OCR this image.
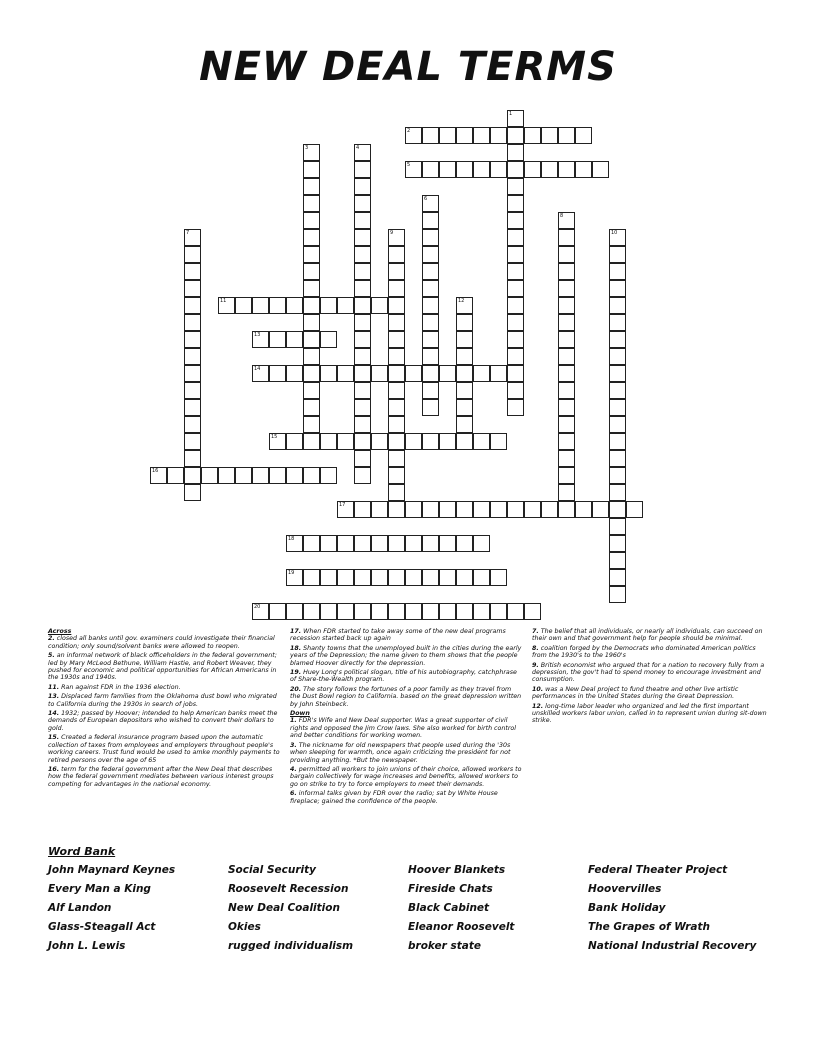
NEW DEAL TERMS
1
2
3	4
5
6
7
8
9	10
11	12
13
14
15
16
17
18
19
20

Across

2. closed all banks until gov. examiners could investigate their financial condition; only sound/solvent banks were allowed to reopen.

5. an informal network of black officeholders in the federal government; led by Mary McLeod Bethune, William Hastie, and Robert Weaver, they pushed for economic and political opportunities for African Americans in the 1930s and 1940s.

11. Ran against FDR in the 1936 election.

13. Displaced farm families from the Oklahoma dust bowl who migrated to California during the 1930s in search of jobs.

14. 1932; passed by Hoover; intended to help American banks meet the demands of European depositors who wished to convert their dollars to gold.

15. Created a federal insurance program based upon the automatic collection of taxes from employees and employers throughout people's working careers. Trust fund would be used to amke monthly payments to retired persons over the age of 65

16. term for the federal government after the New Deal that describes how the federal government mediates between various interest groups competing for advantages in the national economy.

17. When FDR started to take away some of the new deal programs recession started back up again

18. Shanty towns that the unemployed built in the cities during the early years of the Depression; the name given to them shows that the people blamed Hoover directly for the depression.

19. Huey Long's political slogan, title of his autobiography, catchphrase of Share-the-Wealth program.

20. The story follows the fortunes of a poor family as they travel from the Dust Bowl region to California. based on the great depression written by John Steinbeck.

Down

1. FDR's Wife and New Deal supporter. Was a great supporter of civil rights and opposed the Jim Crow laws. She also worked for birth control and better conditions for working women.

3. The nickname for old newspapers that people used during the '30s when sleeping for warmth, once again criticizing the president for not providing anything. *But the newspaper.

4. permitted all workers to join unions of their choice, allowed workers to bargain collectively for wage increases and benefits, allowed workers to go on strike to try to force employers to meet their demands.

6. informal talks given by FDR over the radio; sat by White House fireplace; gained the confidence of the people.

7. The belief that all individuals, or nearly all individuals, can succeed on their own and that government help for people should be minimal.

8. coalition forged by the Democrats who dominated American politics from the 1930's to the 1960's

9. British economist who argued that for a nation to recovery fully from a depression, the gov't had to spend money to encourage investment and consumption.

10. was a New Deal project to fund theatre and other live artistic performances in the United States during the Great Depression.

12. long-time labor leader who organized and led the first important unskilled workers labor union, called in to represent union during sit-down strike.

Word Bank
John Maynard Keynes	Social Security	Hoover Blankets	Federal Theater Project
Every Man a King	Roosevelt Recession	Fireside Chats	Hoovervilles
Alf Landon	New Deal Coalition	Black Cabinet	Bank Holiday
Glass-Steagall Act	Okies	Eleanor Roosevelt	The Grapes of Wrath
John L. Lewis	rugged individualism	broker state	National Industrial Recovery
